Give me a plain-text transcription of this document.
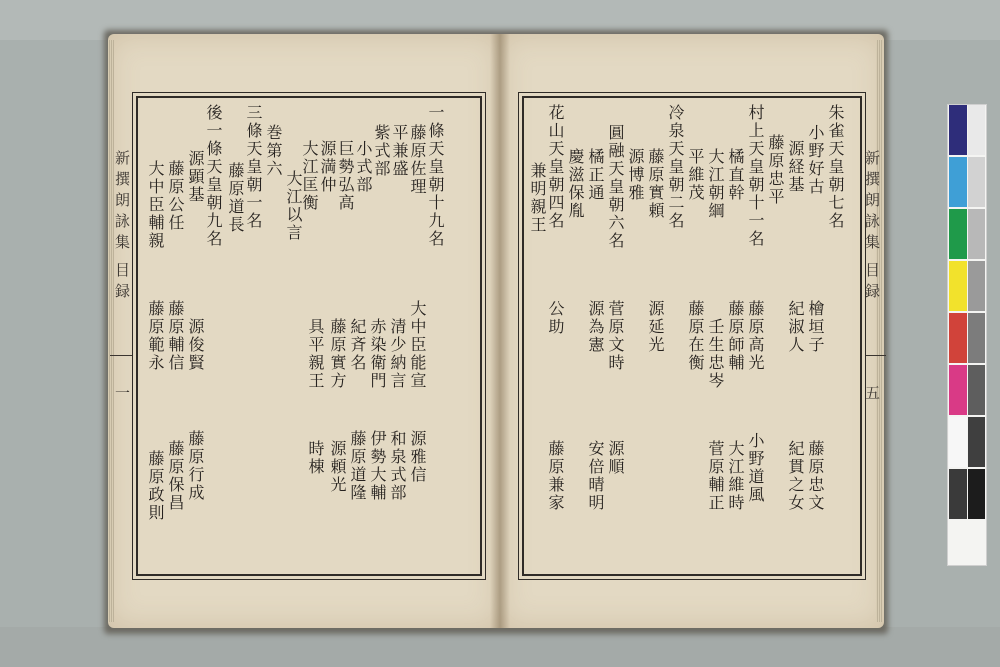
新撰朗詠集
目録
一
新撰朗詠集
目録
五
一條天皇朝十九名
藤原佐理
平兼盛
紫式部
小式部
巨勢弘高
源満仲
大江匡衡
巻第六
三條天皇朝一名 大江以言
藤原道長
後一條天皇朝九名
源顕基
藤原公任
大中臣輔親
大中臣能宣
清少納言
赤染衛門
紀斉名
藤原實方
具平親王
源俊賢
藤原輔信
藤原範永
源雅信
和泉式部
伊勢大輔
藤原道隆
源頼光
時棟
藤原行成
藤原保昌
藤原政則
朱雀天皇朝七名
小野好古
源経基
村上天皇朝十一名 藤原忠平
橘直幹
大江朝綱
冷泉天皇朝二名 平維茂
藤原實頼
圓融天皇朝六名 源博雅
橘正通
花山天皇朝四名 慶滋保胤
兼明親王
檜垣子
紀淑人
藤原高光
藤原師輔
壬生忠岑
藤原在衡
源延光
菅原文時
源為憲
公助
藤原忠文
紀貫之女
小野道風
大江維時
菅原輔正
源順
安倍晴明
藤原兼家
